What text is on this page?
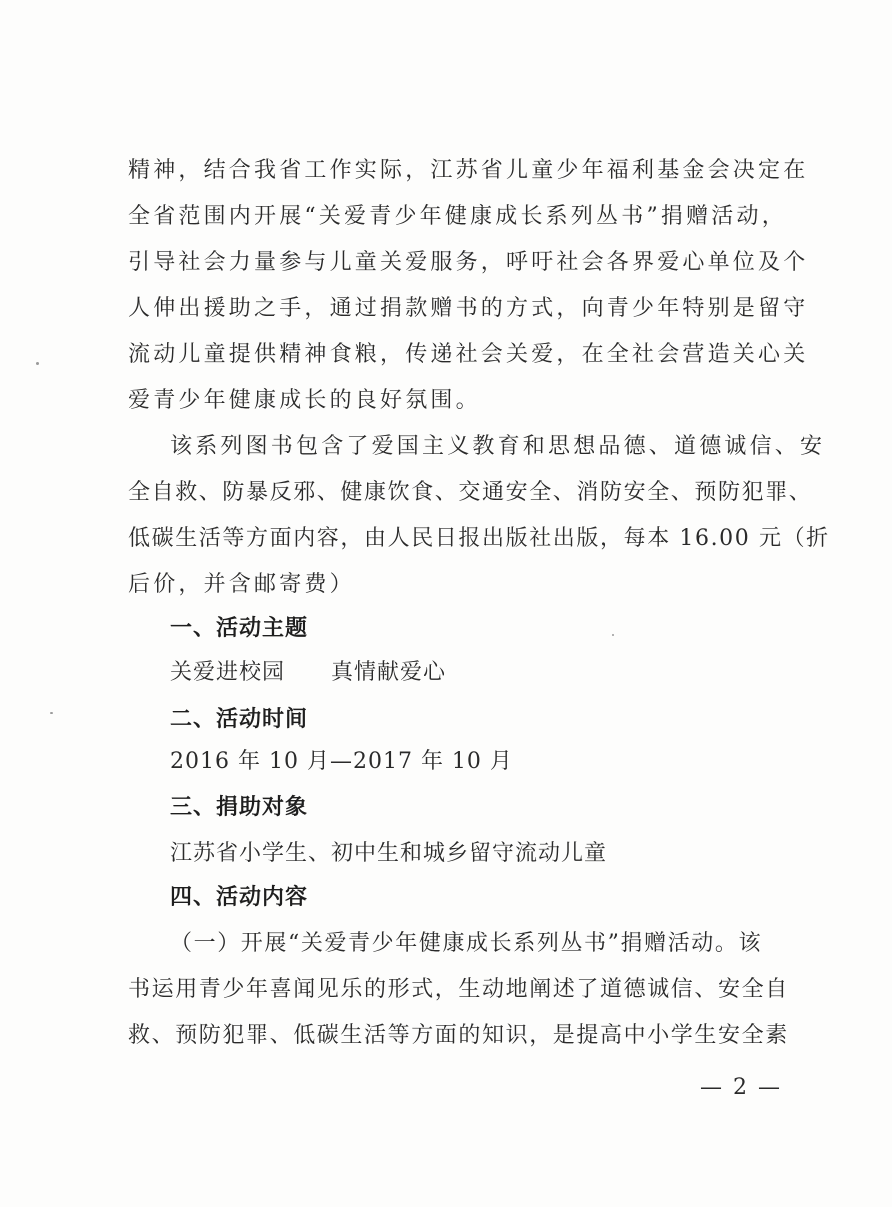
精神，结合我省工作实际，江苏省儿童少年福利基金会决定在
全省范围内开展“关爱青少年健康成长系列丛书”捐赠活动，
引导社会力量参与儿童关爱服务，呼吁社会各界爱心单位及个
人伸出援助之手，通过捐款赠书的方式，向青少年特别是留守
流动儿童提供精神食粮，传递社会关爱，在全社会营造关心关
爱青少年健康成长的良好氛围。
该系列图书包含了爱国主义教育和思想品德、道德诚信、安
全自救、防暴反邪、健康饮食、交通安全、消防安全、预防犯罪、
低碳生活等方面内容，由人民日报出版社出版，每本 16.00 元（折
后价，并含邮寄费）
一、活动主题
关爱进校园　　真情献爱心
二、活动时间
2016 年 10 月—2017 年 10 月
三、捐助对象
江苏省小学生、初中生和城乡留守流动儿童
四、活动内容
（一）开展“关爱青少年健康成长系列丛书”捐赠活动。该
书运用青少年喜闻见乐的形式，生动地阐述了道德诚信、安全自
救、预防犯罪、低碳生活等方面的知识，是提高中小学生安全素
— 2 —
